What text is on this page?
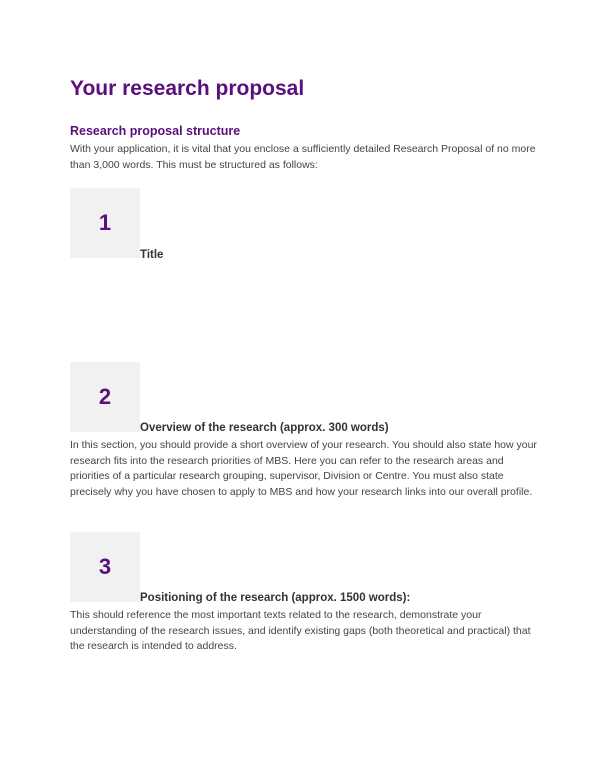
Your research proposal
Research proposal structure

With your application, it is vital that you enclose a sufficiently detailed Research Proposal of no more than 3,000 words. This must be structured as follows:

1
Title
2
Overview of the research (approx. 300 words)

In this section, you should provide a short overview of your research. You should also state how your research fits into the research priorities of MBS. Here you can refer to the research areas and priorities of a particular research grouping, supervisor, Division or Centre. You must also state precisely why you have chosen to apply to MBS and how your research links into our overall profile.

3
Positioning of the research (approx. 1500 words):

This should reference the most important texts related to the research, demonstrate your understanding of the research issues, and identify existing gaps (both theoretical and practical) that the research is intended to address.
